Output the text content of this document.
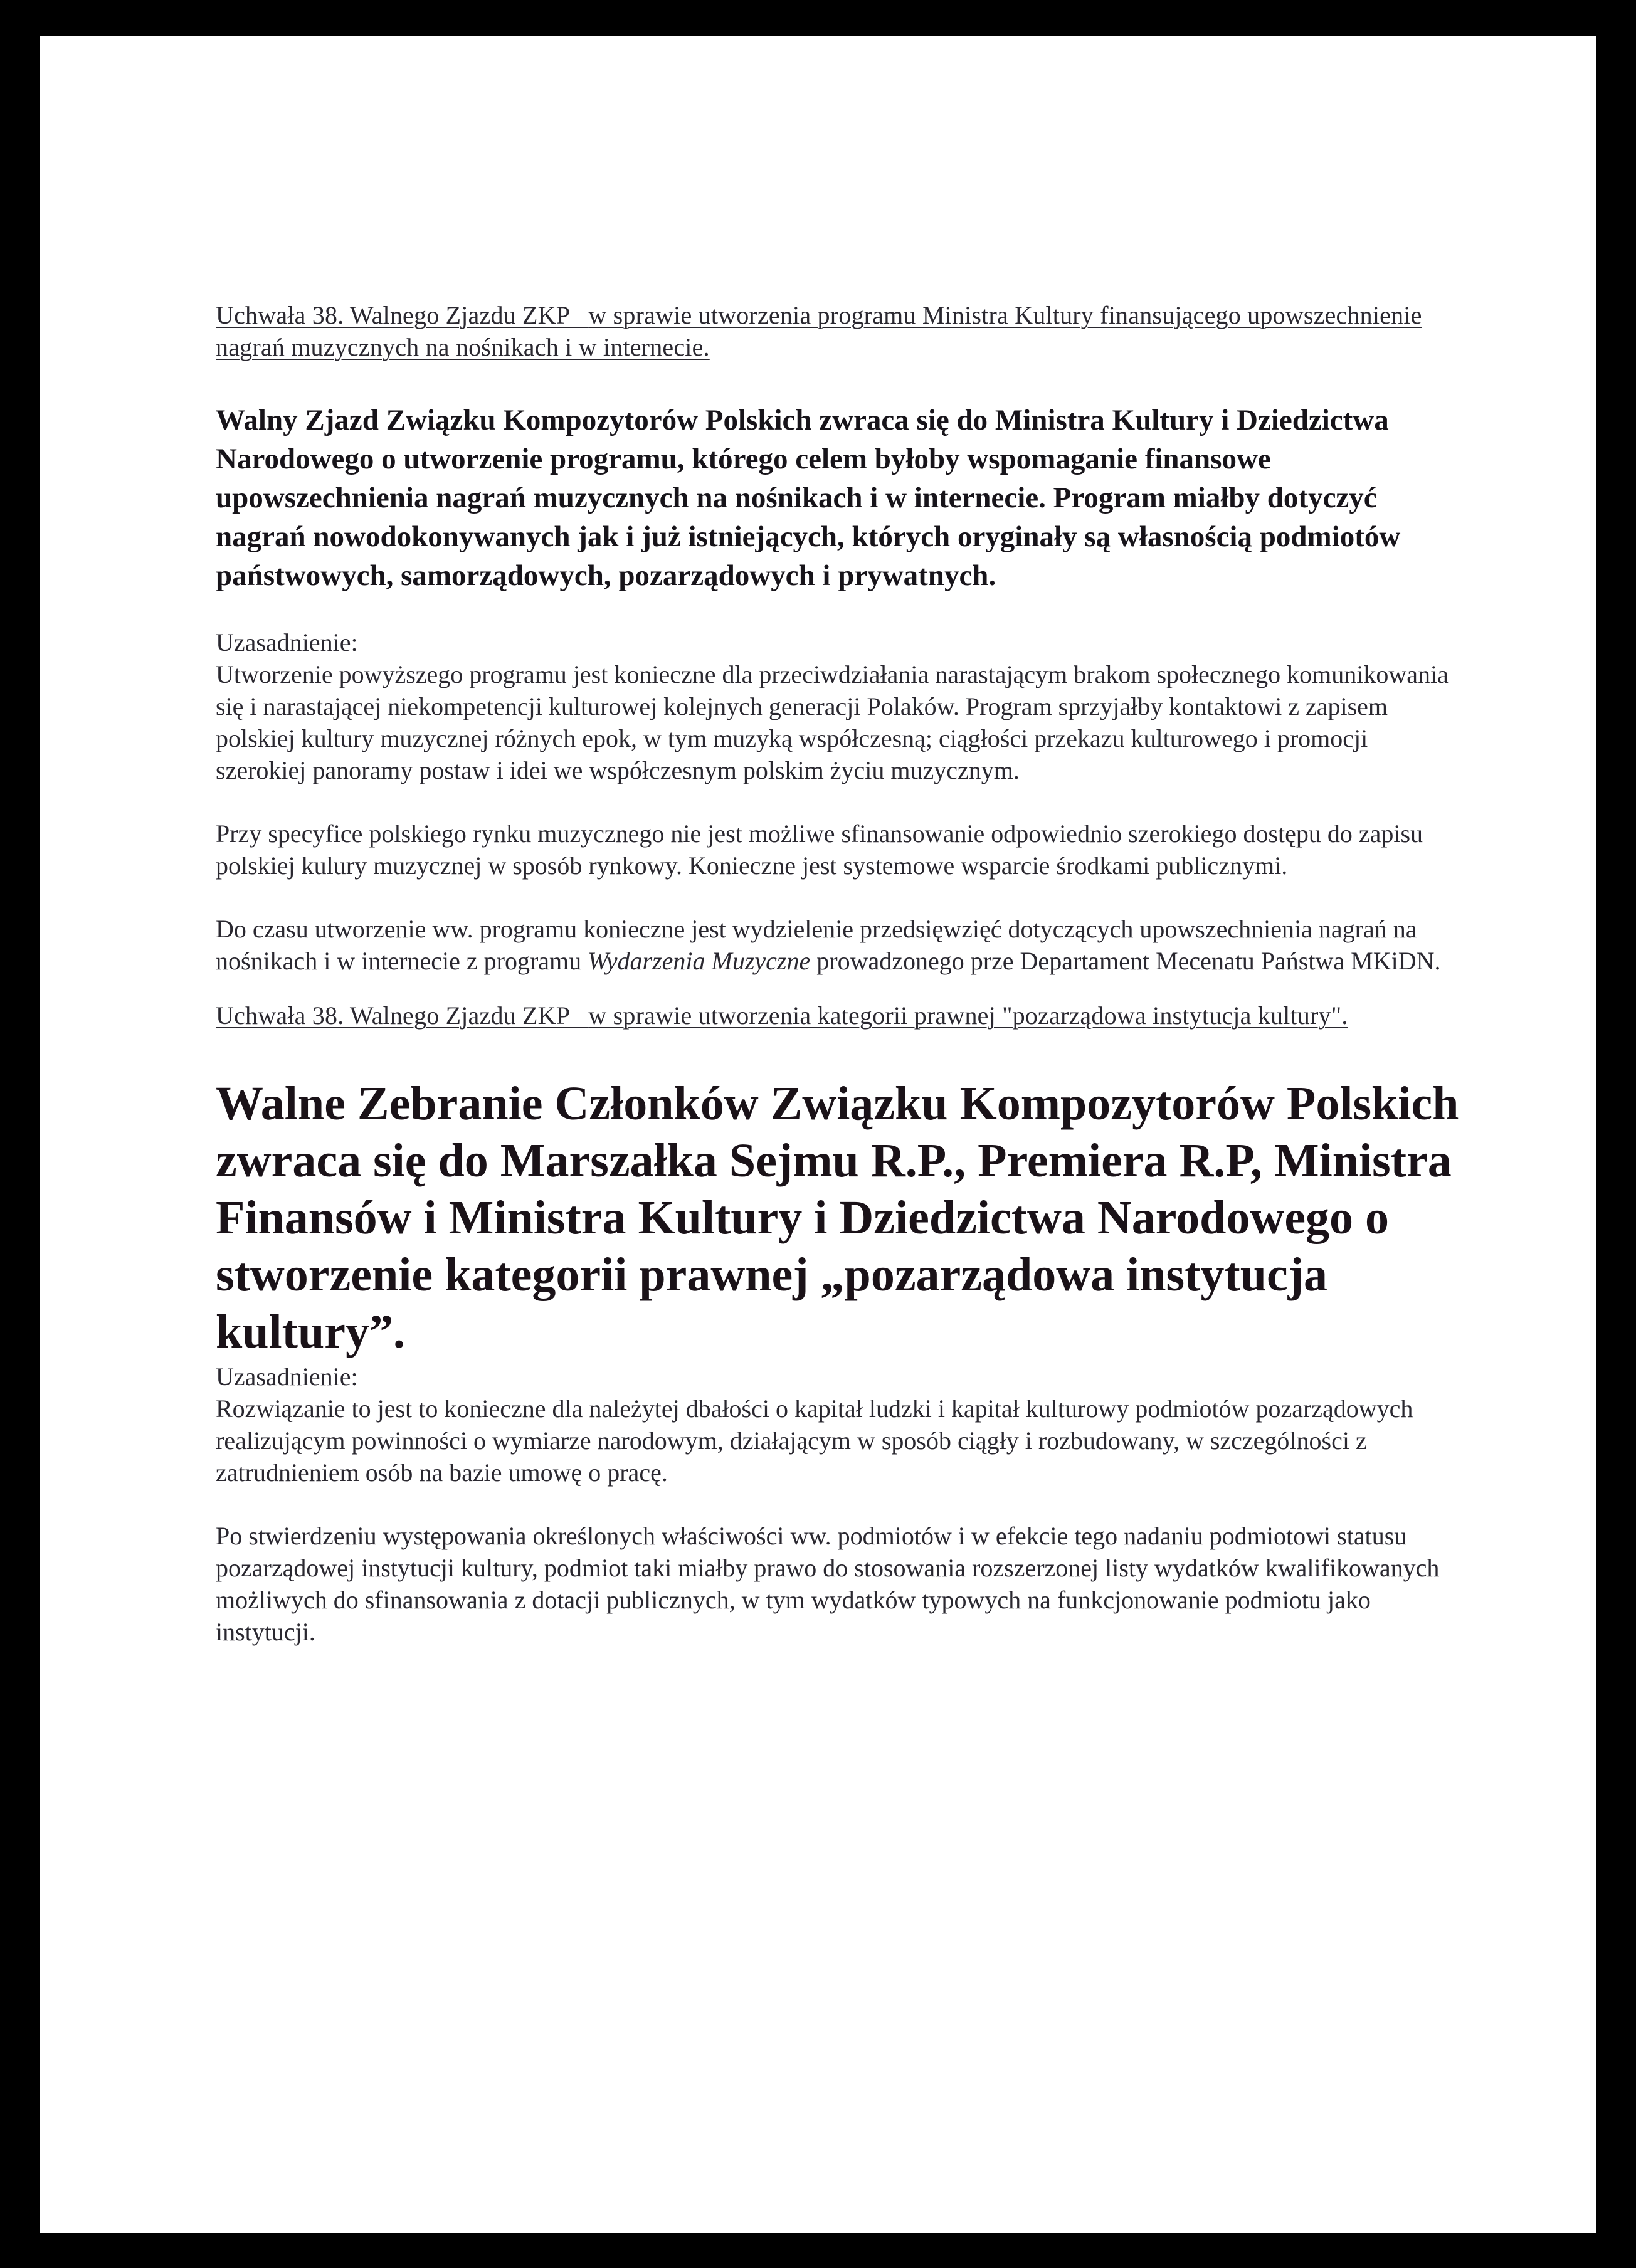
Uchwała 38. Walnego Zjazdu ZKP w sprawie utworzenia programu Ministra Kultury finansującego upowszechnienie nagrań muzycznych na nośnikach i w internecie.

Walny Zjazd Związku Kompozytorów Polskich zwraca się do Ministra Kultury i Dziedzictwa Narodowego o utworzenie programu, którego celem byłoby wspomaganie finansowe upowszechnienia nagrań muzycznych na nośnikach i w internecie. Program miałby dotyczyć nagrań nowodokonywanych jak i już istniejących, których oryginały są własnością podmiotów państwowych, samorządowych, pozarządowych i prywatnych.

Uzasadnienie:

Utworzenie powyższego programu jest konieczne dla przeciwdziałania narastającym brakom społecznego komunikowania się i narastającej niekompetencji kulturowej kolejnych generacji Polaków. Program sprzyjałby kontaktowi z zapisem polskiej kultury muzycznej różnych epok, w tym muzyką współczesną; ciągłości przekazu kulturowego i promocji szerokiej panoramy postaw i idei we współczesnym polskim życiu muzycznym.

Przy specyfice polskiego rynku muzycznego nie jest możliwe sfinansowanie odpowiednio szerokiego dostępu do zapisu polskiej kulury muzycznej w sposób rynkowy. Konieczne jest systemowe wsparcie środkami publicznymi.

Do czasu utworzenie ww. programu konieczne jest wydzielenie przedsięwzięć dotyczących upowszechnienia nagrań na nośnikach i w internecie z programu Wydarzenia Muzyczne prowadzonego prze Departament Mecenatu Państwa MKiDN.

Uchwała 38. Walnego Zjazdu ZKP w sprawie utworzenia kategorii prawnej "pozarządowa instytucja kultury".

Walne Zebranie Członków Związku Kompozytorów Polskich zwraca się do Marszałka Sejmu R.P., Premiera R.P, Ministra Finansów i Ministra Kultury i Dziedzictwa Narodowego o stworzenie kategorii prawnej „pozarządowa instytucja kultury”.

Uzasadnienie:

Rozwiązanie to jest to konieczne dla należytej dbałości o kapitał ludzki i kapitał kulturowy podmiotów pozarządowych realizującym powinności o wymiarze narodowym, działającym w sposób ciągły i rozbudowany, w szczególności z zatrudnieniem osób na bazie umowę o pracę.

Po stwierdzeniu występowania określonych właściwości ww. podmiotów i w efekcie tego nadaniu podmiotowi statusu pozarządowej instytucji kultury, podmiot taki miałby prawo do stosowania rozszerzonej listy wydatków kwalifikowanych możliwych do sfinansowania z dotacji publicznych, w tym wydatków typowych na funkcjonowanie podmiotu jako instytucji.
